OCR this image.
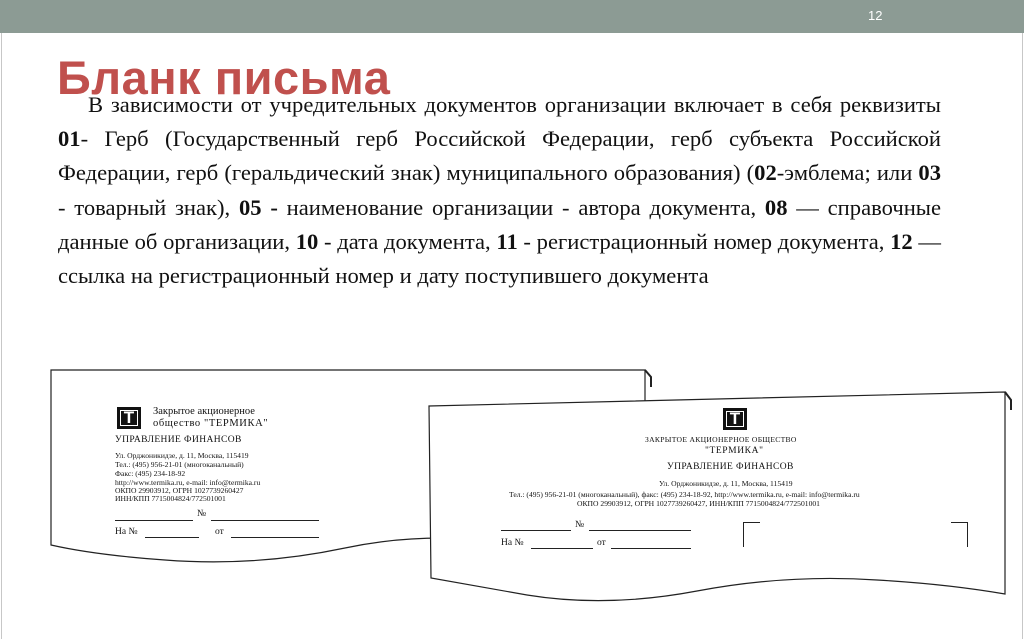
12
Бланк письма
В зависимости от учредительных документов организации включает в себя реквизиты 01- Герб (Государственный герб Российской Федерации, герб субъекта Российской Федерации, герб (геральдический знак) муниципального образования) (02-эмблема; или 03 - товарный знак), 05 - наименование организации - автора документа, 08 — справочные данные об организации, 10 - дата документа, 11 - регистрационный номер документа, 12 — ссылка на регистрационный номер и дату поступившего документа
Т	Закрытое акционерное
общество "ТЕРМИКА"
УПРАВЛЕНИЕ ФИНАНСОВ
Ул. Орджоникидзе, д. 11, Москва, 115419
Тел.: (495) 956-21-01 (многоканальный)
Факс: (495) 234-18-92
http://www.termika.ru, e-mail: info@termika.ru
ОКПО 29903912, ОГРН 1027739260427
ИНН/КПП 7715004824/772501001
№
На №	от
Т
ЗАКРЫТОЕ АКЦИОНЕРНОЕ ОБЩЕСТВО
"ТЕРМИКА"
УПРАВЛЕНИЕ ФИНАНСОВ
Ул. Орджоникидзе, д. 11, Москва, 115419
Тел.: (495) 956-21-01 (многоканальный), факс: (495) 234-18-92, http://www.termika.ru, e-mail: info@termika.ru
ОКПО 29903912, ОГРН 1027739260427, ИНН/КПП 7715004824/772501001
№
На №	от
